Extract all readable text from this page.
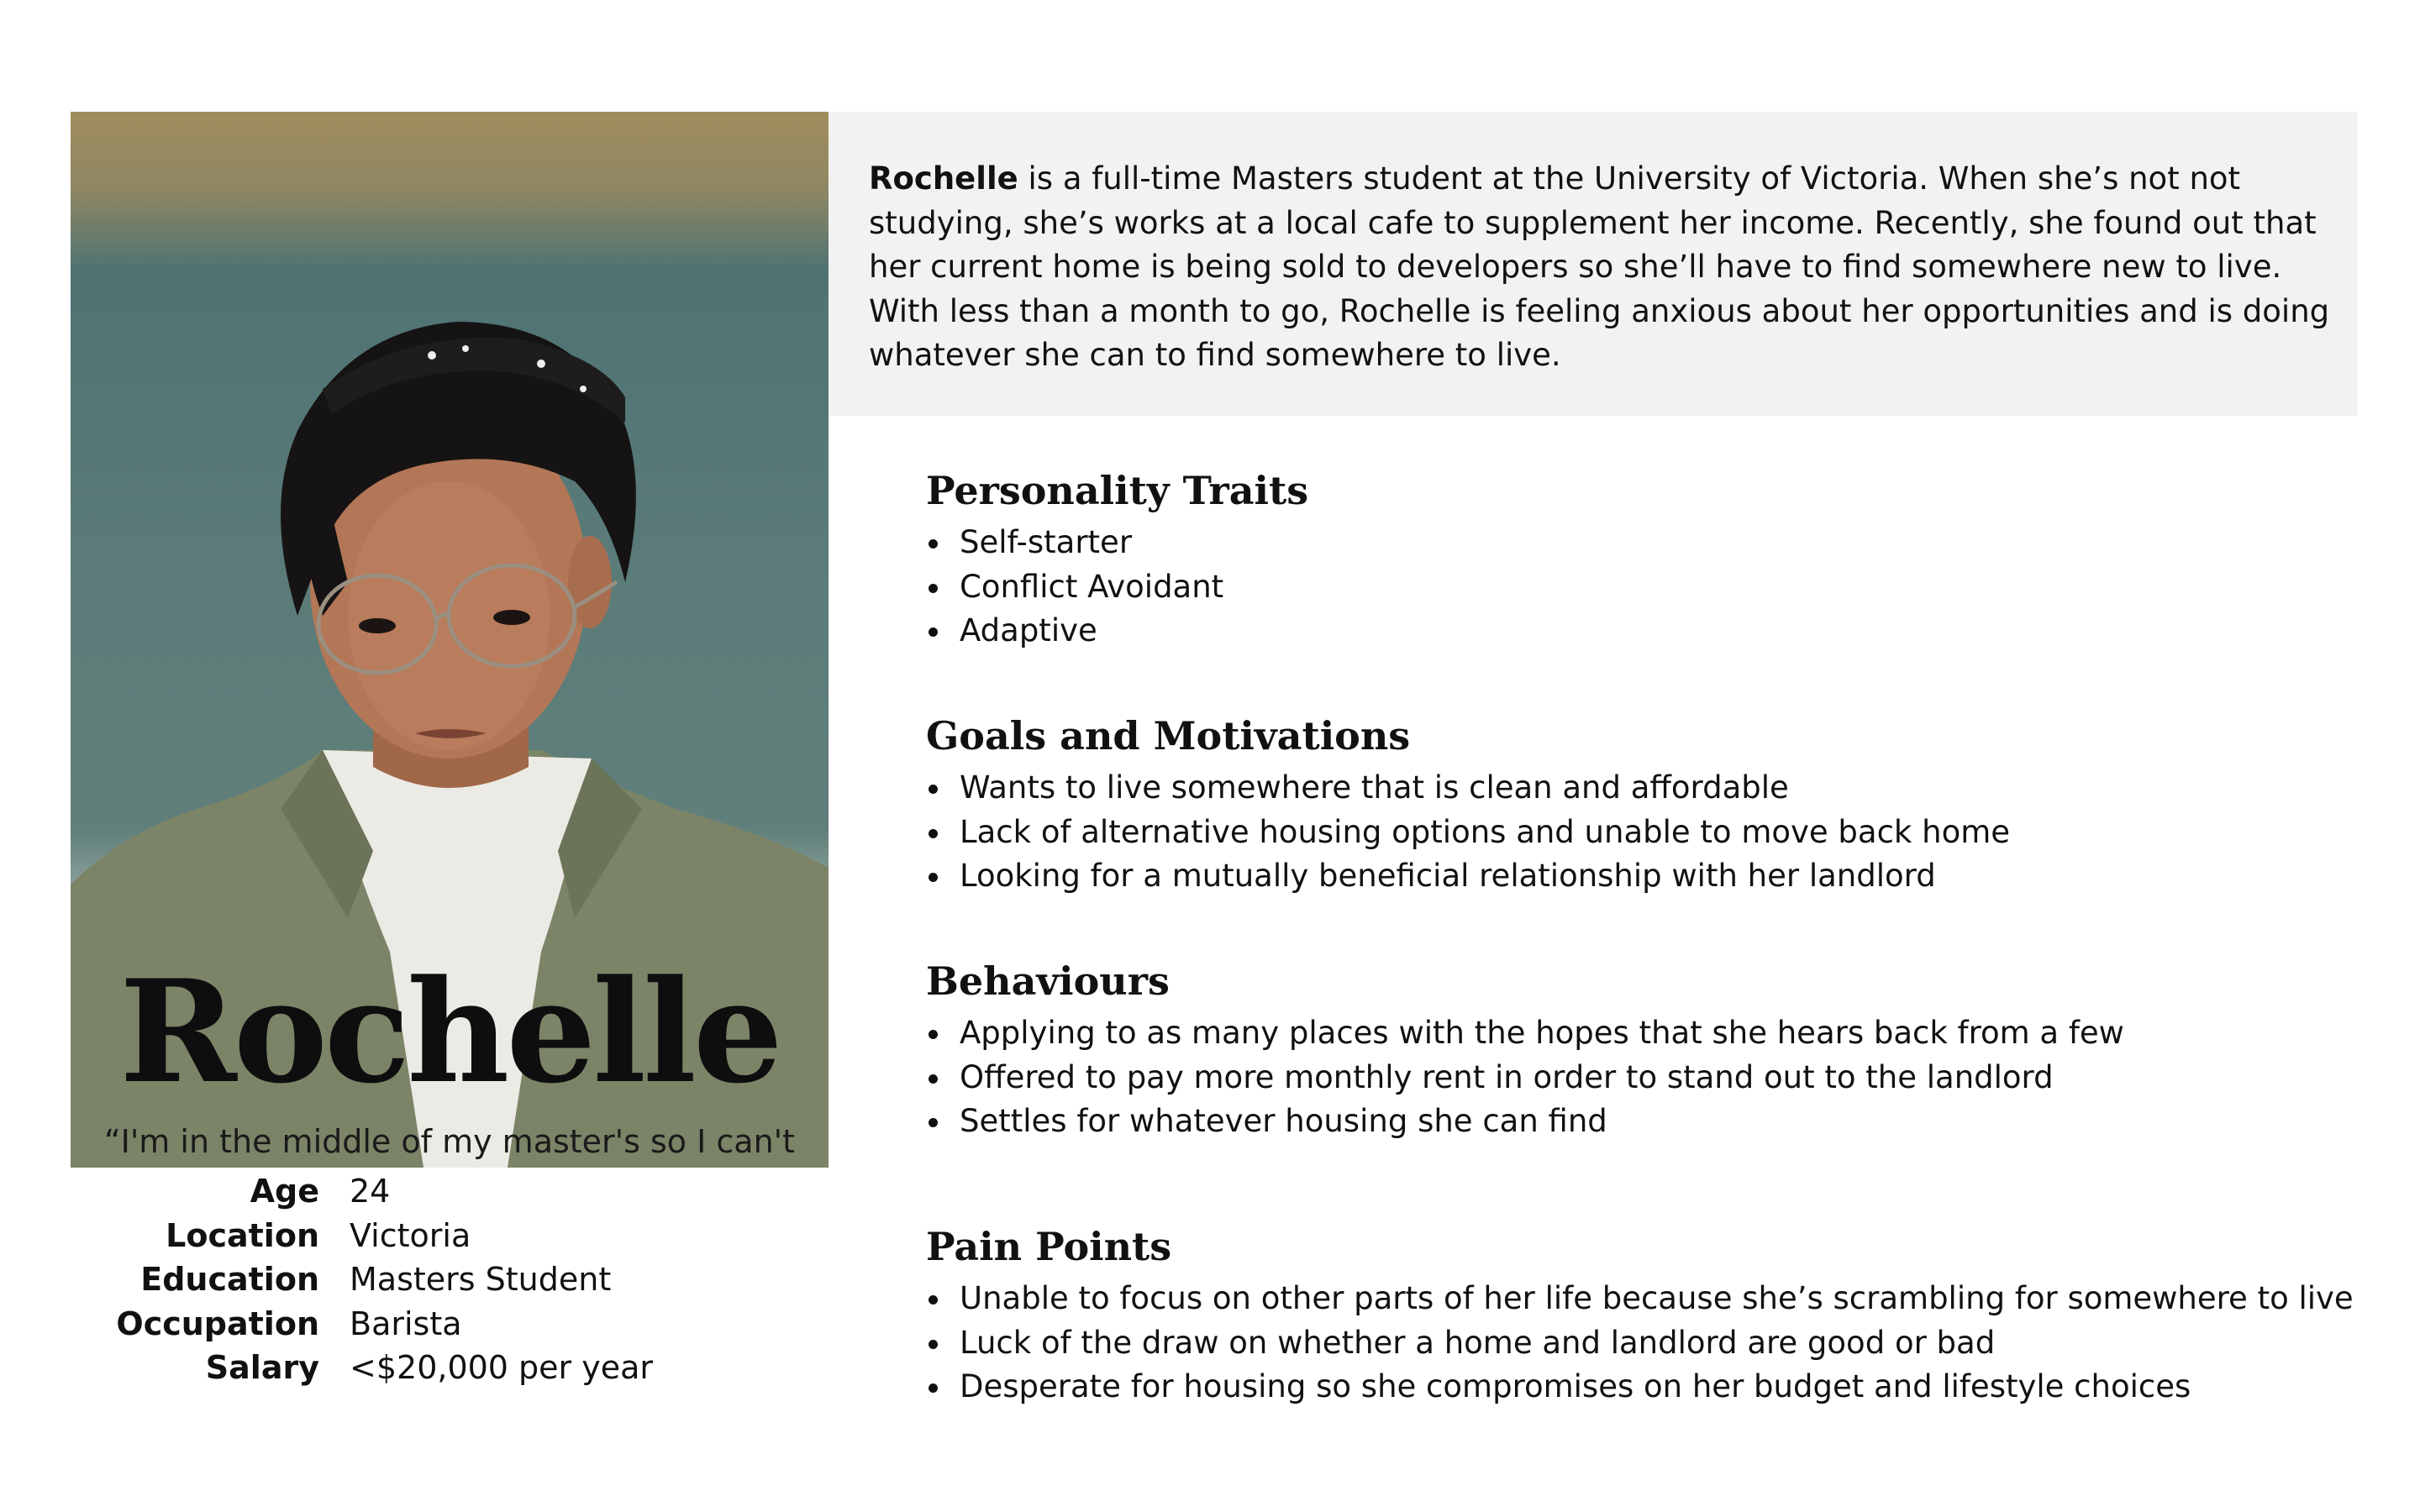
Rochelle
“I'm in the middle of my master's so I can't
Age 24
Location Victoria
Education Masters Student
Occupation Barista
Salary <$20,000 per year
Rochelle is a full-time Masters student at the University of Victoria. When she’s not not studying, she’s works at a local cafe to supplement her income. Recently, she found out that her current home is being sold to developers so she’ll have to find somewhere new to live. With less than a month to go, Rochelle is feeling anxious about her opportunities and is doing whatever she can to find somewhere to live.
Personality Traits
Self-starter
Conflict Avoidant
Adaptive
Goals and Motivations
Wants to live somewhere that is clean and affordable
Lack of alternative housing options and unable to move back home
Looking for a mutually beneficial relationship with her landlord
Behaviours
Applying to as many places with the hopes that she hears back from a few
Offered to pay more monthly rent in order to stand out to the landlord
Settles for whatever housing she can find
Pain Points
Unable to focus on other parts of her life because she’s scrambling for somewhere to live
Luck of the draw on whether a home and landlord are good or bad
Desperate for housing so she compromises on her budget and lifestyle choices
